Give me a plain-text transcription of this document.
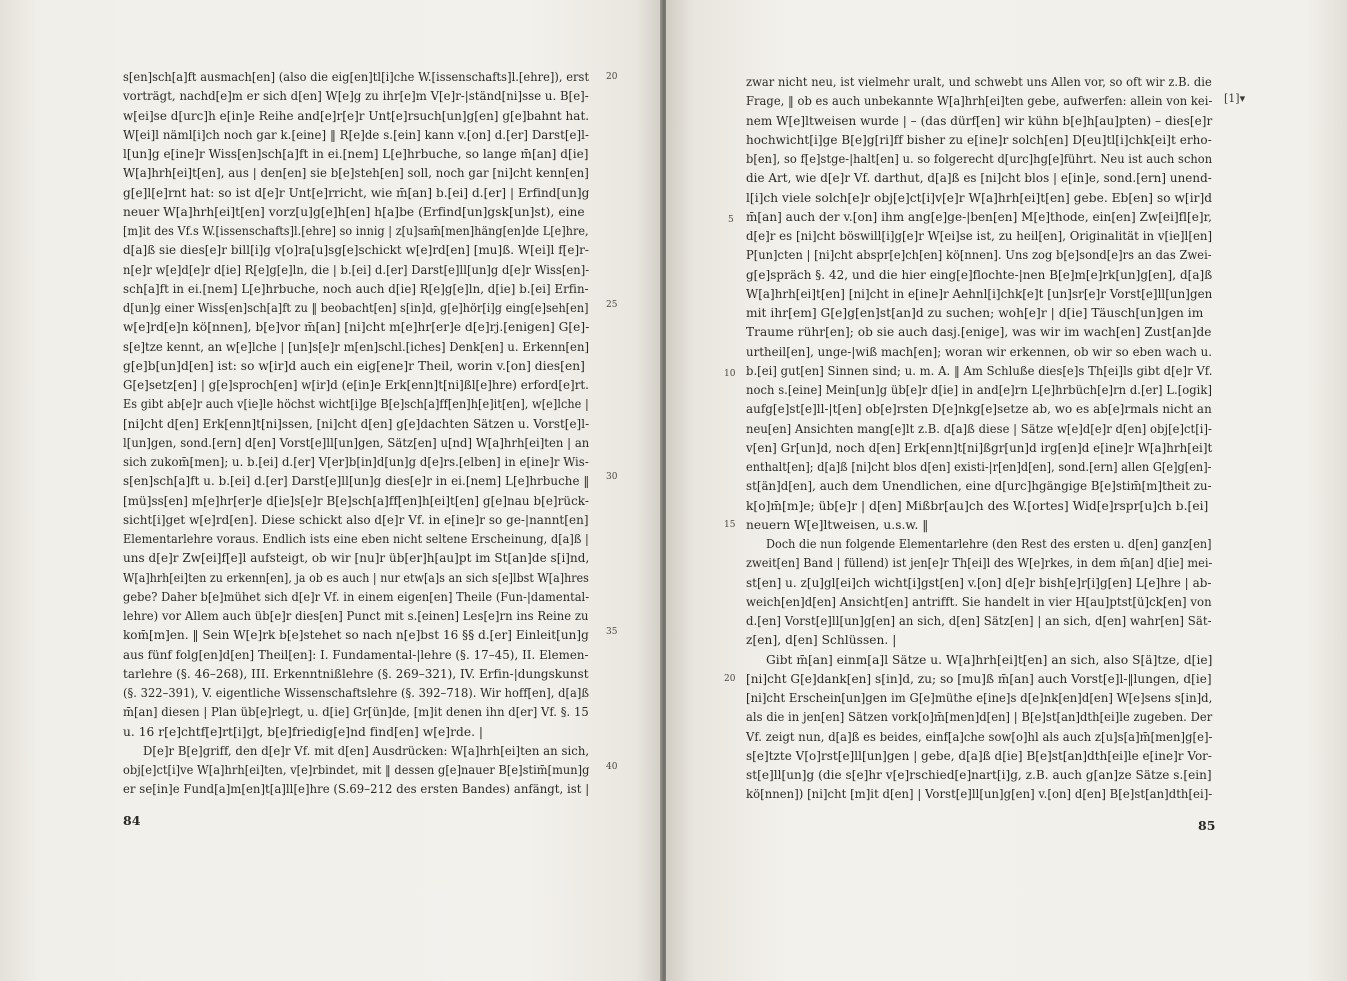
s[en]sch[a]ft ausmach[en] (also die eig[en]tl[i]che W.[issenschafts]l.[ehre]), erst
vorträgt, nachd[e]m er sich d[en] W[e]g zu ihr[e]m V[e]r-|ständ[ni]sse u. B[e]-
w[ei]se d[urc]h e[in]e Reihe and[e]r[e]r Unt[e]rsuch[un]g[en] g[e]bahnt hat.
W[ei]l näml[i]ch noch gar k.[eine] ‖ R[e]de s.[ein] kann v.[on] d.[er] Darst[e]l-
l[un]g e[ine]r Wiss[en]sch[a]ft in ei.[nem] L[e]hrbuche, so lange m̄[an] d[ie]
W[a]hrh[ei]t[en], aus | den[en] sie b[e]steh[en] soll, noch gar [ni]cht kenn[en]
g[e]l[e]rnt hat: so ist d[e]r Unt[e]rricht, wie m̄[an] b.[ei] d.[er] | Erfind[un]g
neuer W[a]hrh[ei]t[en] vorz[u]g[e]h[en] h[a]be (Erfind[un]gsk[un]st), eine
[m]it des Vf.s W.[issenschafts]l.[ehre] so innig | z[u]sam̄[men]häng[en]de L[e]hre,
d[a]ß sie dies[e]r bill[i]g v[o]ra[u]sg[e]schickt w[e]rd[en] [mu]ß. W[ei]l f[e]r-
n[e]r w[e]d[e]r d[ie] R[e]g[e]ln, die | b.[ei] d.[er] Darst[e]ll[un]g d[e]r Wiss[en]-
sch[a]ft in ei.[nem] L[e]hrbuche, noch auch d[ie] R[e]g[e]ln, d[ie] b.[ei] Erfin-
d[un]g einer Wiss[en]sch[a]ft zu ‖ beobacht[en] s[in]d, g[e]hör[i]g eing[e]seh[en]
w[e]rd[e]n kö[nnen], b[e]vor m̄[an] [ni]cht m[e]hr[er]e d[e]rj.[enigen] G[e]-
s[e]tze kennt, an w[e]lche | [un]s[e]r m[en]schl.[iches] Denk[en] u. Erkenn[en]
g[e]b[un]d[en] ist: so w[ir]d auch ein eig[ene]r Theil, worin v.[on] dies[en]
G[e]setz[en] | g[e]sproch[en] w[ir]d (e[in]e Erk[enn]t[ni]ßl[e]hre) erford[e]rt.
Es gibt ab[e]r auch v[ie]le höchst wicht[i]ge B[e]sch[a]ff[en]h[e]it[en], w[e]lche |
[ni]cht d[en] Erk[enn]t[ni]ssen, [ni]cht d[en] g[e]dachten Sätzen u. Vorst[e]l-
l[un]gen, sond.[ern] d[en] Vorst[e]ll[un]gen, Sätz[en] u[nd] W[a]hrh[ei]ten | an
sich zukom̄[men]; u. b.[ei] d.[er] V[er]b[in]d[un]g d[e]rs.[elben] in e[ine]r Wis-
s[en]sch[a]ft u. b.[ei] d.[er] Darst[e]ll[un]g dies[e]r in ei.[nem] L[e]hrbuche ‖
[mü]ss[en] m[e]hr[er]e d[ie]s[e]r B[e]sch[a]ff[en]h[ei]t[en] g[e]nau b[e]rück-
sicht[i]get w[e]rd[en]. Diese schickt also d[e]r Vf. in e[ine]r so ge-|nannt[en]
Elementarlehre voraus. Endlich ists eine eben nicht seltene Erscheinung, d[a]ß |
uns d[e]r Zw[ei]f[e]l aufsteigt, ob wir [nu]r üb[er]h[au]pt im St[an]de s[i]nd,
W[a]hrh[ei]ten zu erkenn[en], ja ob es auch | nur etw[a]s an sich s[e]lbst W[a]hres
gebe? Daher b[e]mühet sich d[e]r Vf. in einem eigen[en] Theile (Fun-|damental-
lehre) vor Allem auch üb[e]r dies[en] Punct mit s.[einen] Les[e]rn ins Reine zu
kom̄[m]en. ‖ Sein W[e]rk b[e]stehet so nach n[e]bst 16 §§ d.[er] Einleit[un]g
aus fünf folg[en]d[en] Theil[en]: I. Fundamental-|lehre (§. 17–45), II. Elemen-
tarlehre (§. 46–268), III. Erkenntnißlehre (§. 269–321), IV. Erfin-|dungskunst
(§. 322–391), V. eigentliche Wissenschaftslehre (§. 392–718). Wir hoff[en], d[a]ß
m̄[an] diesen | Plan üb[e]rlegt, u. d[ie] Gr[ün]de, [m]it denen ihn d[er] Vf. §. 15
u. 16 r[e]chtf[e]rt[i]gt, b[e]friedig[e]nd find[en] w[e]rde. |
D[e]r B[e]griff, den d[e]r Vf. mit d[en] Ausdrücken: W[a]hrh[ei]ten an sich,
obj[e]ct[i]ve W[a]hrh[ei]ten, v[e]rbindet, mit ‖ dessen g[e]nauer B[e]stim̄[mun]g
er se[in]e Fund[a]m[en]t[a]ll[e]hre (S.69–212 des ersten Bandes) anfängt, ist |
20
25
30
35
40
84
zwar nicht neu, ist vielmehr uralt, und schwebt uns Allen vor, so oft wir z.B. die
Frage, ‖ ob es auch unbekannte W[a]hrh[ei]ten gebe, aufwerfen: allein von kei-
nem W[e]ltweisen wurde | – (das dürf[en] wir kühn b[e]h[au]pten) – dies[e]r
hochwicht[i]ge B[e]g[ri]ff bisher zu e[ine]r solch[en] D[eu]tl[i]chk[ei]t erho-
b[en], so f[e]stge-|halt[en] u. so folgerecht d[urc]hg[e]führt. Neu ist auch schon
die Art, wie d[e]r Vf. darthut, d[a]ß es [ni]cht blos | e[in]e, sond.[ern] unend-
l[i]ch viele solch[e]r obj[e]ct[i]v[e]r W[a]hrh[ei]t[en] gebe. Eb[en] so w[ir]d
m̄[an] auch der v.[on] ihm ang[e]ge-|ben[en] M[e]thode, ein[en] Zw[ei]fl[e]r,
d[e]r es [ni]cht böswill[i]g[e]r W[ei]se ist, zu heil[en], Originalität in v[ie]l[en]
P[un]cten | [ni]cht abspr[e]ch[en] kö[nnen]. Uns zog b[e]sond[e]rs an das Zwei-
g[e]spräch §. 42, und die hier eing[e]flochte-|nen B[e]m[e]rk[un]g[en], d[a]ß
W[a]hrh[ei]t[en] [ni]cht in e[ine]r Aehnl[i]chk[e]t [un]sr[e]r Vorst[e]ll[un]gen
mit ihr[em] G[e]g[en]st[an]d zu suchen; woh[e]r | d[ie] Täusch[un]gen im
Traume rühr[en]; ob sie auch dasj.[enige], was wir im wach[en] Zust[an]de
urtheil[en], unge-|wiß mach[en]; woran wir erkennen, ob wir so eben wach u.
b.[ei] gut[en] Sinnen sind; u. m. A. ‖ Am Schluße dies[e]s Th[ei]ls gibt d[e]r Vf.
noch s.[eine] Mein[un]g üb[e]r d[ie] in and[e]rn L[e]hrbüch[e]rn d.[er] L.[ogik]
aufg[e]st[e]ll-|t[en] ob[e]rsten D[e]nkg[e]setze ab, wo es ab[e]rmals nicht an
neu[en] Ansichten mang[e]lt z.B. d[a]ß diese | Sätze w[e]d[e]r d[en] obj[e]ct[i]-
v[en] Gr[un]d, noch d[en] Erk[enn]t[ni]ßgr[un]d irg[en]d e[ine]r W[a]hrh[ei]t
enthalt[en]; d[a]ß [ni]cht blos d[en] existi-|r[en]d[en], sond.[ern] allen G[e]g[en]-
st[än]d[en], auch dem Unendlichen, eine d[urc]hgängige B[e]stim̄[m]theit zu-
k[o]m̄[m]e; üb[e]r | d[en] Mißbr[au]ch des W.[ortes] Wid[e]rspr[u]ch b.[ei]
neuern W[e]ltweisen, u.s.w. ‖
Doch die nun folgende Elementarlehre (den Rest des ersten u. d[en] ganz[en]
zweit[en] Band | füllend) ist jen[e]r Th[ei]l des W[e]rkes, in dem m̄[an] d[ie] mei-
st[en] u. z[u]gl[ei]ch wicht[i]gst[en] v.[on] d[e]r bish[e]r[i]g[en] L[e]hre | ab-
weich[en]d[en] Ansicht[en] antrifft. Sie handelt in vier H[au]ptst[ü]ck[en] von
d.[en] Vorst[e]ll[un]g[en] an sich, d[en] Sätz[en] | an sich, d[en] wahr[en] Sät-
z[en], d[en] Schlüssen. |
Gibt m̄[an] einm[a]l Sätze u. W[a]hrh[ei]t[en] an sich, also S[ä]tze, d[ie]
[ni]cht G[e]dank[en] s[in]d, zu; so [mu]ß m̄[an] auch Vorst[e]l-‖lungen, d[ie]
[ni]cht Erschein[un]gen im G[e]müthe e[ine]s d[e]nk[en]d[en] W[e]sens s[in]d,
als die in jen[en] Sätzen vork[o]m̄[men]d[en] | B[e]st[an]dth[ei]le zugeben. Der
Vf. zeigt nun, d[a]ß es beides, einf[a]che sow[o]hl als auch z[u]s[a]m̄[men]g[e]-
s[e]tzte V[o]rst[e]ll[un]gen | gebe, d[a]ß d[ie] B[e]st[an]dth[ei]le e[ine]r Vor-
st[e]ll[un]g (die s[e]hr v[e]rschied[e]nart[i]g, z.B. auch g[an]ze Sätze s.[ein]
kö[nnen]) [ni]cht [m]it d[en] | Vorst[e]ll[un]g[en] v.[on] d[en] B[e]st[an]dth[ei]-
[1]▾
5
10
15
20
85
